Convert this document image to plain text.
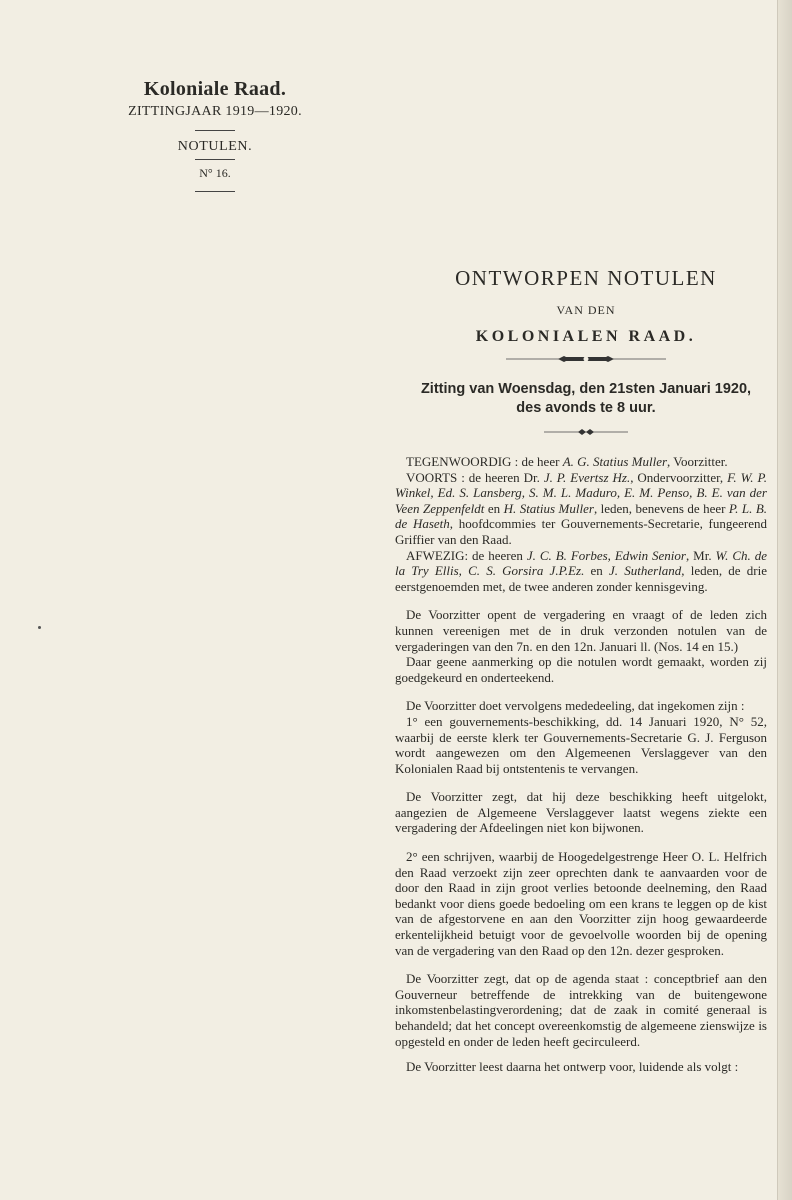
Koloniale Raad.
ZITTINGJAAR 1919—1920.
NOTULEN.
N° 16.
ONTWORPEN NOTULEN
VAN DEN
KOLONIALEN RAAD.
Zitting van Woensdag, den 21sten Januari 1920,
des avonds te 8 uur.

TEGENWOORDIG : de heer A. G. Statius Muller, Voorzitter.

VOORTS : de heeren Dr. J. P. Evertsz Hz., Ondervoorzitter, F. W. P. Winkel, Ed. S. Lansberg, S. M. L. Maduro, E. M. Penso, B. E. van der Veen Zeppenfeldt en H. Statius Muller, leden, benevens de heer P. L. B. de Haseth, hoofdcommies ter Gouvernements-Secretarie, fungeerend Griffier van den Raad.

AFWEZIG: de heeren J. C. B. Forbes, Edwin Senior, Mr. W. Ch. de la Try Ellis, C. S. Gorsira J.P.Ez. en J. Sutherland, leden, de drie eerstgenoemden met, de twee anderen zonder kennisgeving.

De Voorzitter opent de vergadering en vraagt of de leden zich kunnen vereenigen met de in druk verzonden notulen van de vergaderingen van den 7n. en den 12n. Januari ll. (Nos. 14 en 15.)

Daar geene aanmerking op die notulen wordt gemaakt, worden zij goedgekeurd en onderteekend.

De Voorzitter doet vervolgens mededeeling, dat ingekomen zijn :

1° een gouvernements-beschikking, dd. 14 Januari 1920, N° 52, waarbij de eerste klerk ter Gouvernements-Secretarie G. J. Ferguson wordt aangewezen om den Algemeenen Verslaggever van den Kolonialen Raad bij ontstentenis te vervangen.

De Voorzitter zegt, dat hij deze beschikking heeft uitgelokt, aangezien de Algemeene Verslaggever laatst wegens ziekte een vergadering der Afdeelingen niet kon bijwonen.

2° een schrijven, waarbij de Hoogedelgestrenge Heer O. L. Helfrich den Raad verzoekt zijn zeer oprechten dank te aanvaarden voor de door den Raad in zijn groot verlies betoonde deelneming, den Raad bedankt voor diens goede bedoeling om een krans te leggen op de kist van de afgestorvene en aan den Voorzitter zijn hoog gewaardeerde erkentelijkheid betuigt voor de gevoelvolle woorden bij de opening van de vergadering van den Raad op den 12n. dezer gesproken.

De Voorzitter zegt, dat op de agenda staat : conceptbrief aan den Gouverneur betreffende de intrekking van de buitengewone inkomstenbelastingverordening; dat de zaak in comité generaal is behandeld; dat het concept overeenkomstig de algemeene zienswijze is opgesteld en onder de leden heeft gecirculeerd.

De Voorzitter leest daarna het ontwerp voor, luidende als volgt :
